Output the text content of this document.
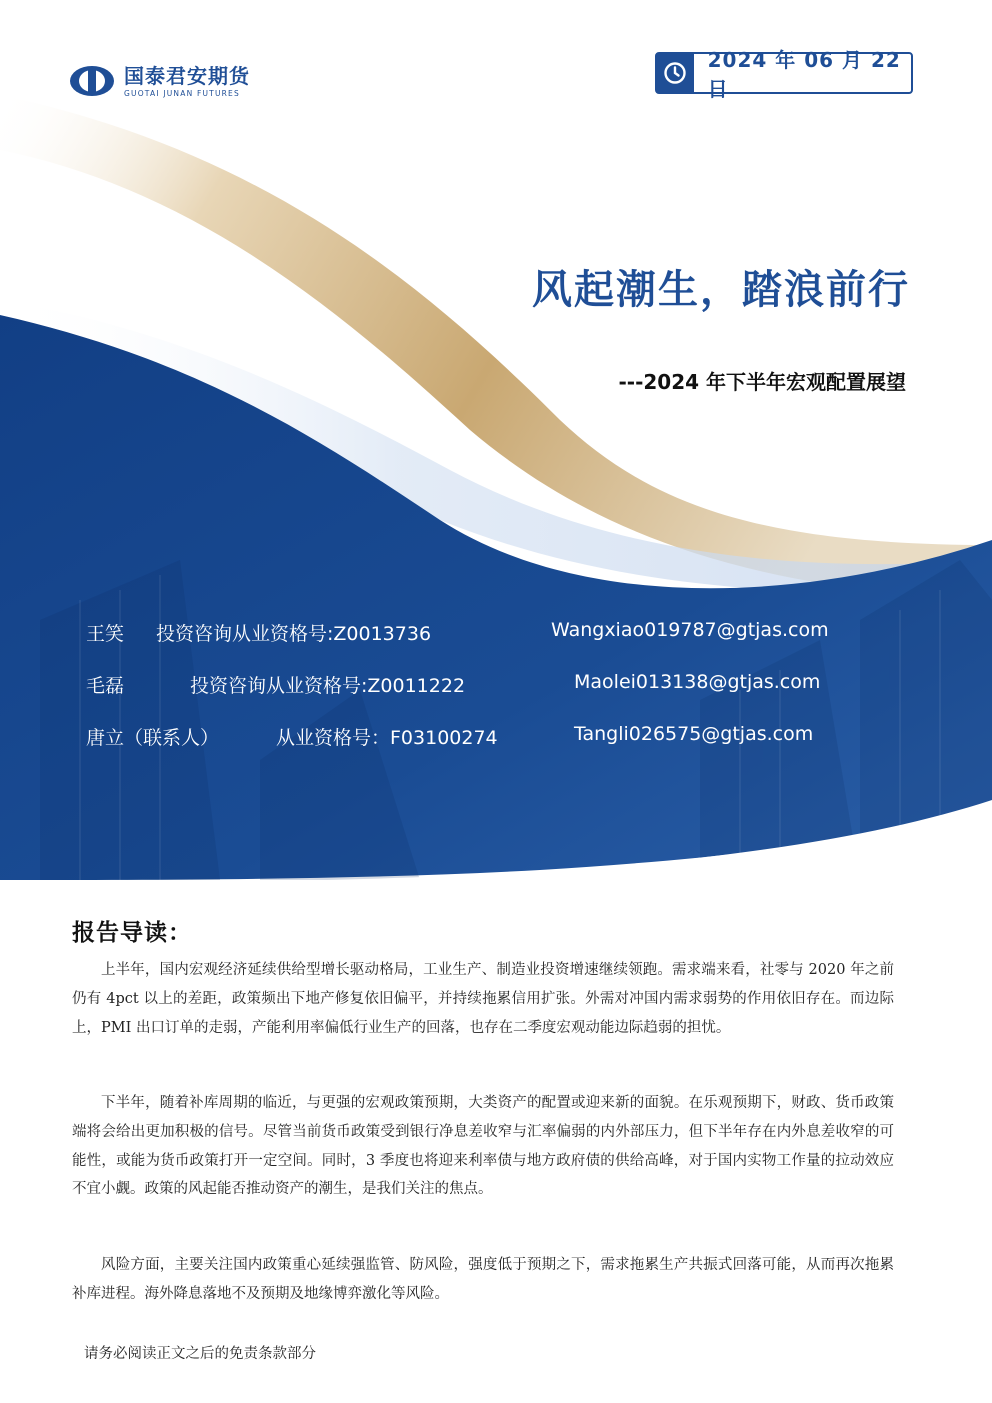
国泰君安期货
GUOTAI JUNAN FUTURES
2024 年 06 月 22 日
风起潮生，踏浪前行
---2024 年下半年宏观配置展望
王笑 投资咨询从业资格号:Z0013736	Wangxiao019787@gtjas.com
毛磊	投资咨询从业资格号:Z0011222	Maolei013138@gtjas.com
唐立（联系人）	从业资格号：F03100274	Tangli026575@gtjas.com
报告导读：

上半年，国内宏观经济延续供给型增长驱动格局，工业生产、制造业投资增速继续领跑。需求端来看，社零与 2020 年之前仍有 4pct 以上的差距，政策频出下地产修复依旧偏平，并持续拖累信用扩张。外需对冲国内需求弱势的作用依旧存在。而边际上，PMI 出口订单的走弱，产能利用率偏低行业生产的回落，也存在二季度宏观动能边际趋弱的担忧。

下半年，随着补库周期的临近，与更强的宏观政策预期，大类资产的配置或迎来新的面貌。在乐观预期下，财政、货币政策端将会给出更加积极的信号。尽管当前货币政策受到银行净息差收窄与汇率偏弱的内外部压力，但下半年存在内外息差收窄的可能性，或能为货币政策打开一定空间。同时，3 季度也将迎来利率债与地方政府债的供给高峰，对于国内实物工作量的拉动效应不宜小觑。政策的风起能否推动资产的潮生，是我们关注的焦点。

风险方面，主要关注国内政策重心延续强监管、防风险，强度低于预期之下，需求拖累生产共振式回落可能，从而再次拖累补库进程。海外降息落地不及预期及地缘博弈激化等风险。

请务必阅读正文之后的免责条款部分
